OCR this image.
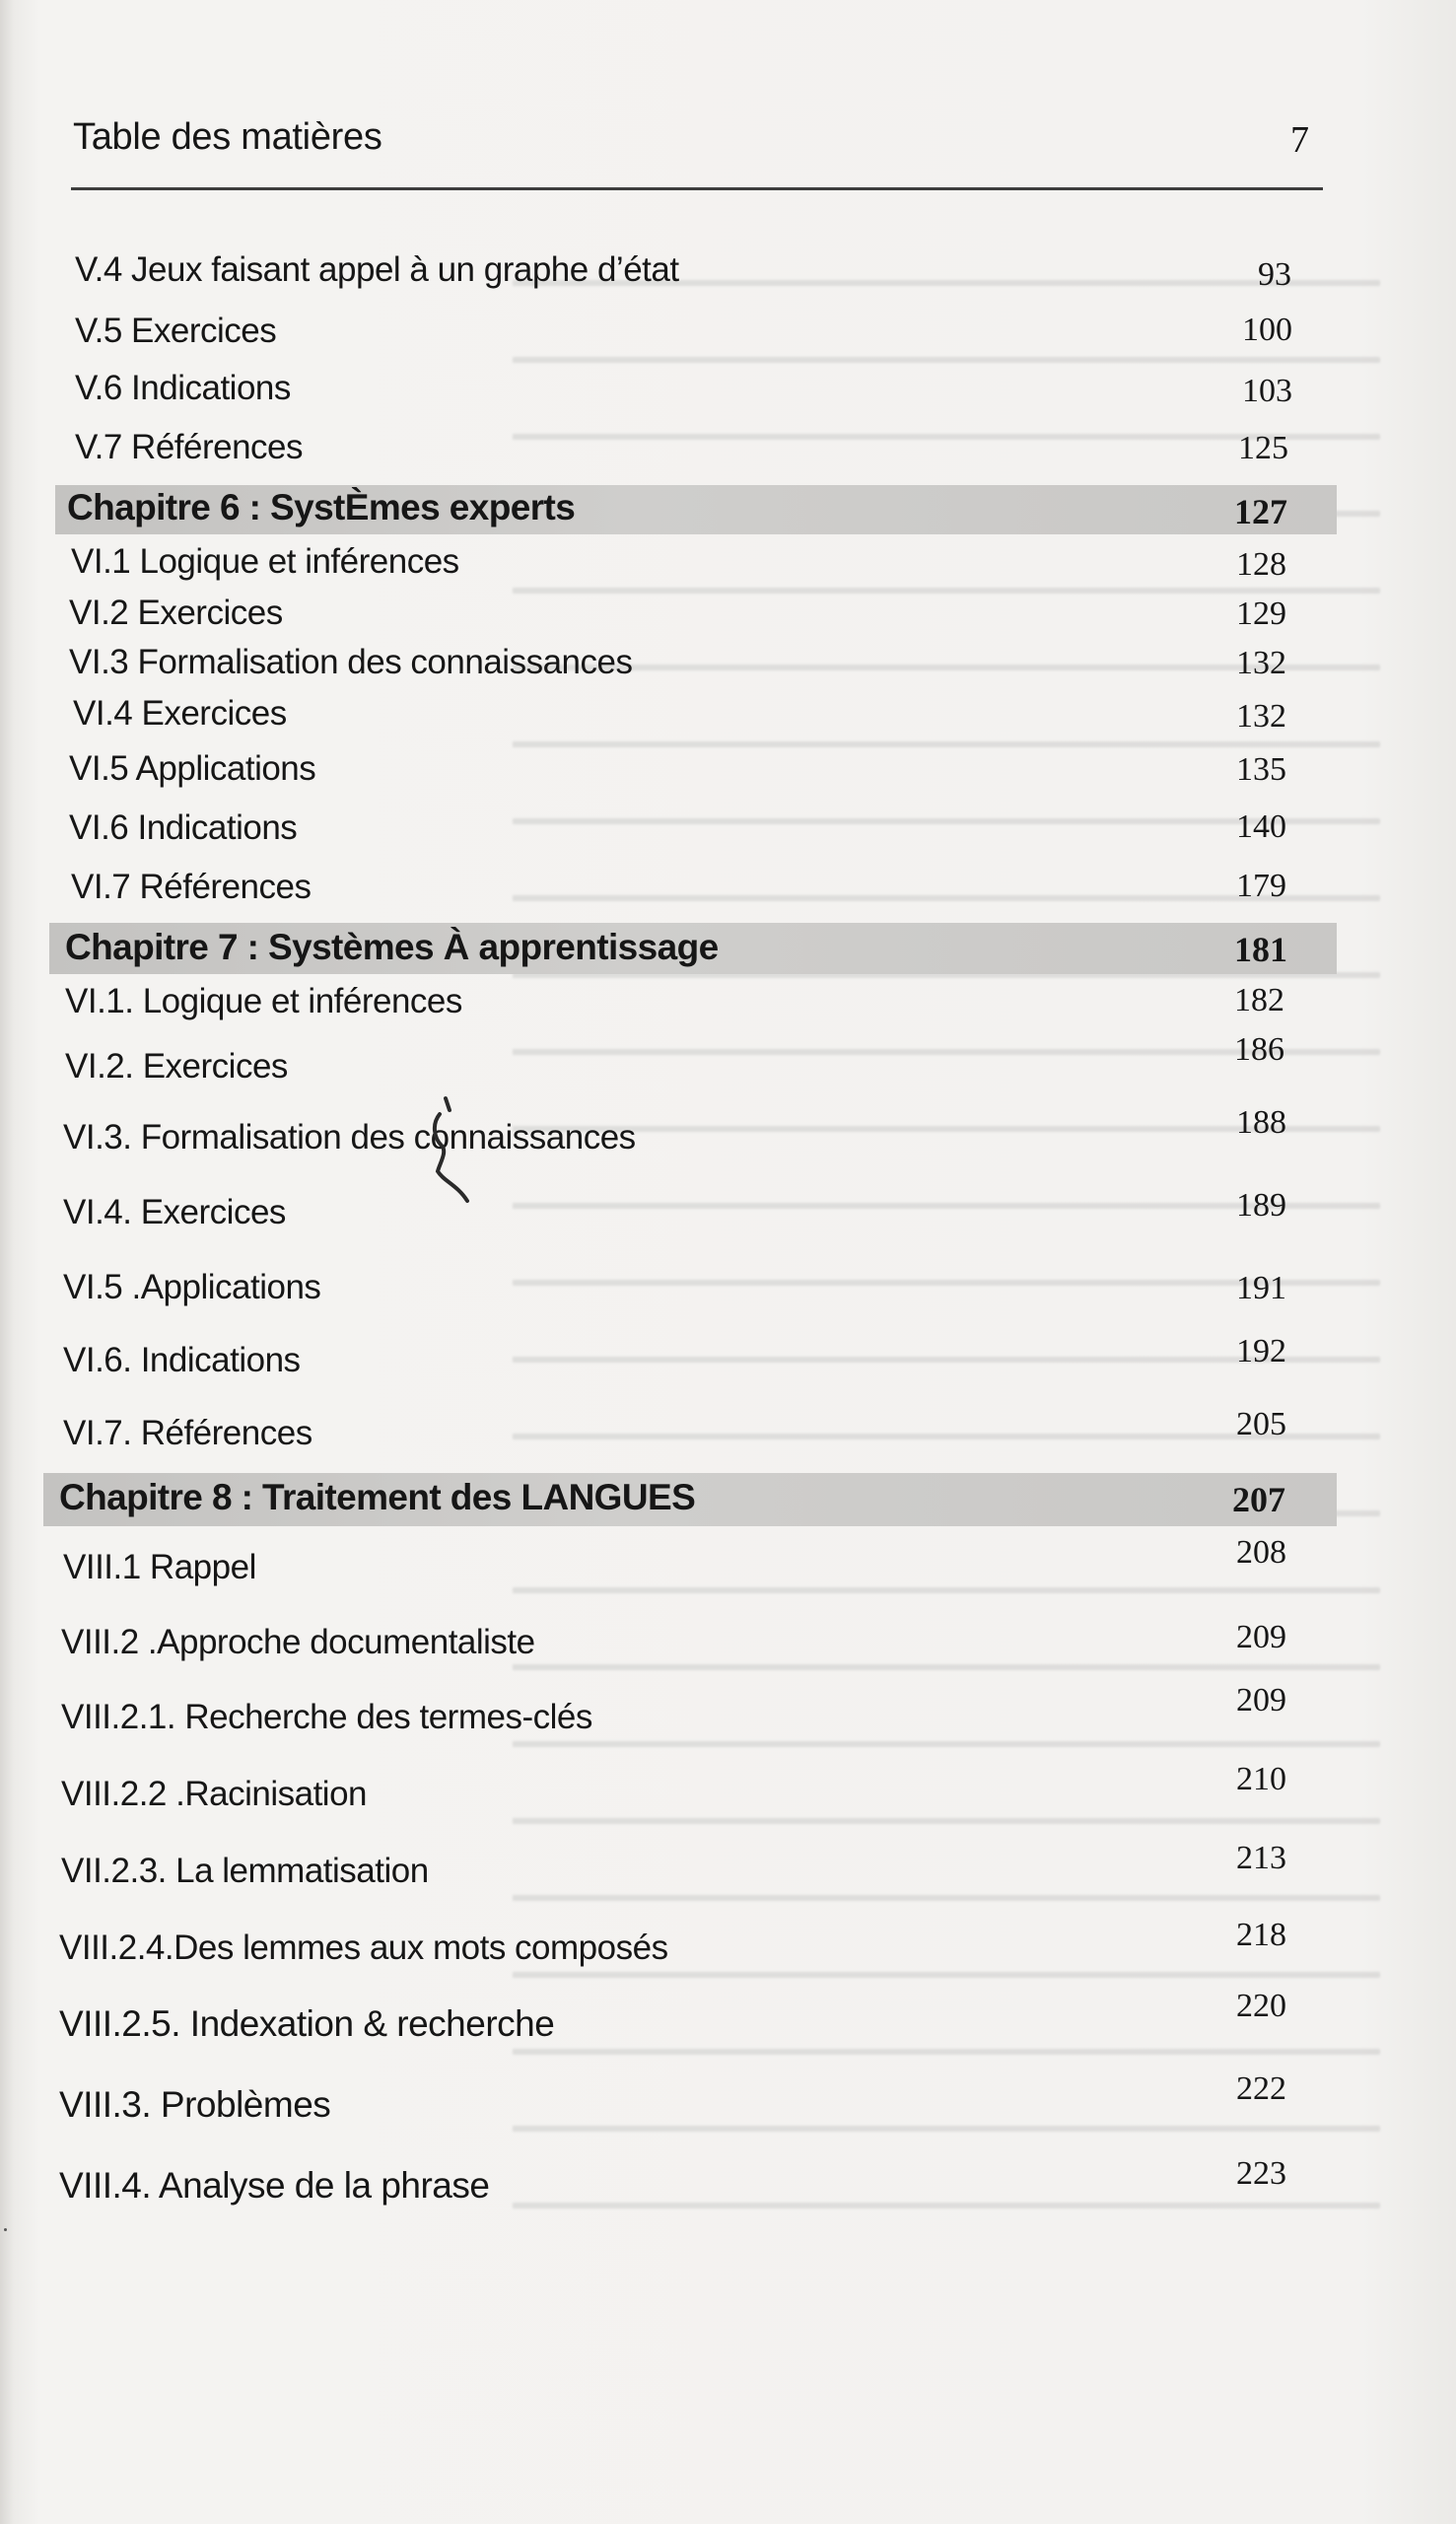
Table des matières	7
V.4 Jeux faisant appel à un graphe d’état	93
V.5 Exercices	100
V.6 Indications	103
V.7 Références	125
Chapitre 6 : SystÈmes experts	127
VI.1 Logique et inférences	128
VI.2 Exercices	129
VI.3 Formalisation des connaissances	132
VI.4 Exercices	132
VI.5 Applications	135
VI.6 Indications	140
VI.7 Références	179
Chapitre 7 : Systèmes À apprentissage	181
VI.1. Logique et inférences	182
VI.2. Exercices	186
VI.3. Formalisation des connaissances	188
VI.4. Exercices	189
VI.5 .Applications	191
VI.6. Indications	192
VI.7. Références	205
Chapitre 8 : Traitement des LANGUES	207
VIII.1 Rappel	208
VIII.2 .Approche documentaliste	209
VIII.2.1. Recherche des termes-clés	209
VIII.2.2 .Racinisation	210
VII.2.3. La lemmatisation	213
VIII.2.4.Des lemmes aux mots composés	218
VIII.2.5. Indexation & recherche	220
VIII.3. Problèmes	222
VIII.4. Analyse de la phrase	223
